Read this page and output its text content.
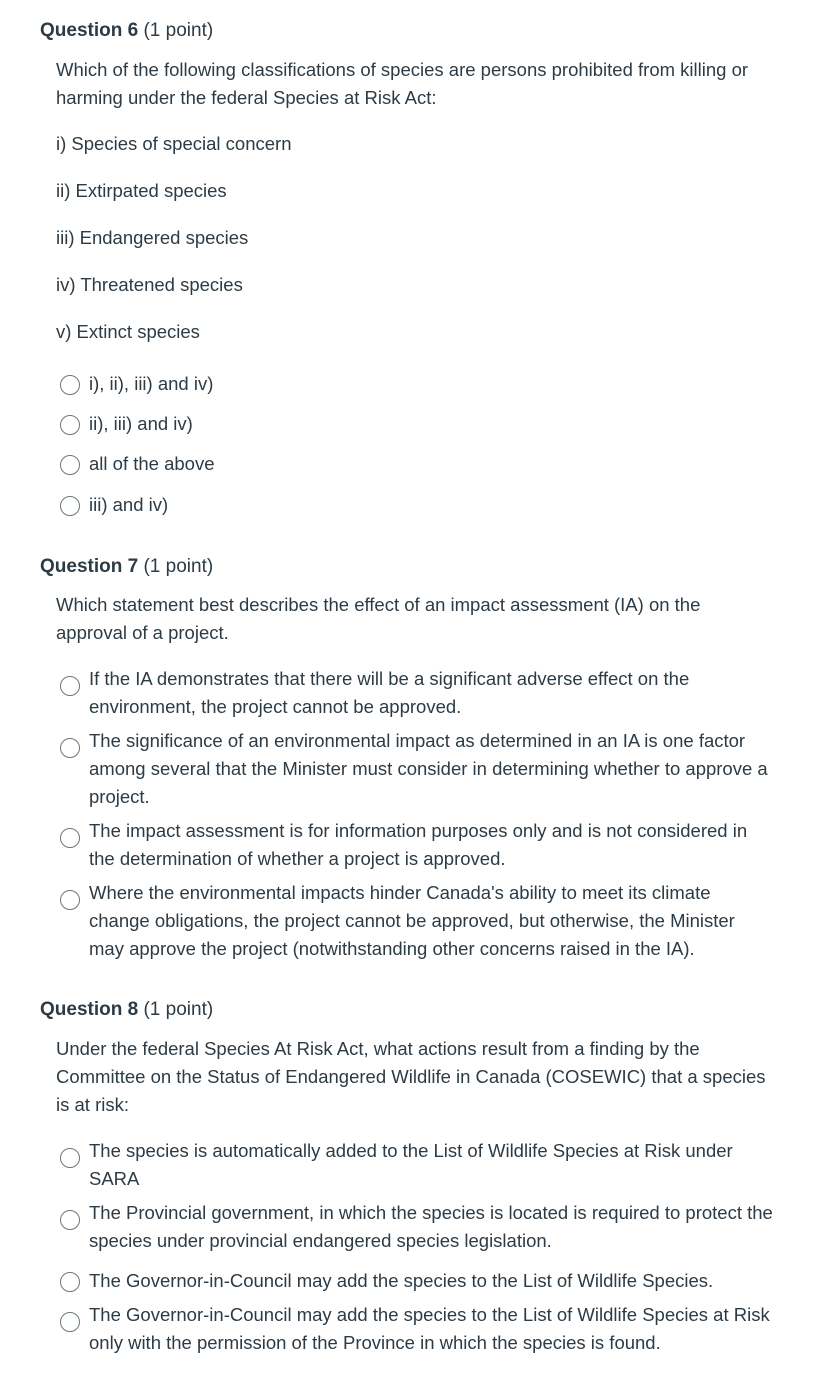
Question 6 (1 point)
Which of the following classifications of species are persons prohibited from killing or harming under the federal Species at Risk Act:
i) Species of special concern
ii) Extirpated species
iii) Endangered species
iv) Threatened species
v) Extinct species
i), ii), iii) and iv)
ii), iii) and iv)
all of the above
iii) and iv)
Question 7 (1 point)
Which statement best describes the effect of an impact assessment (IA) on the approval of a project.
If the IA demonstrates that there will be a significant adverse effect on the environment, the project cannot be approved.
The significance of an environmental impact as determined in an IA is one factor among several that the Minister must consider in determining whether to approve a project.
The impact assessment is for information purposes only and is not considered in the determination of whether a project is approved.
Where the environmental impacts hinder Canada's ability to meet its climate change obligations, the project cannot be approved, but otherwise, the Minister may approve the project (notwithstanding other concerns raised in the IA).
Question 8 (1 point)
Under the federal Species At Risk Act, what actions result from a finding by the Committee on the Status of Endangered Wildlife in Canada (COSEWIC) that a species is at risk:
The species is automatically added to the List of Wildlife Species at Risk under SARA
The Provincial government, in which the species is located is required to protect the species under provincial endangered species legislation.
The Governor-in-Council may add the species to the List of Wildlife Species.
The Governor-in-Council may add the species to the List of Wildlife Species at Risk only with the permission of the Province in which the species is found.
